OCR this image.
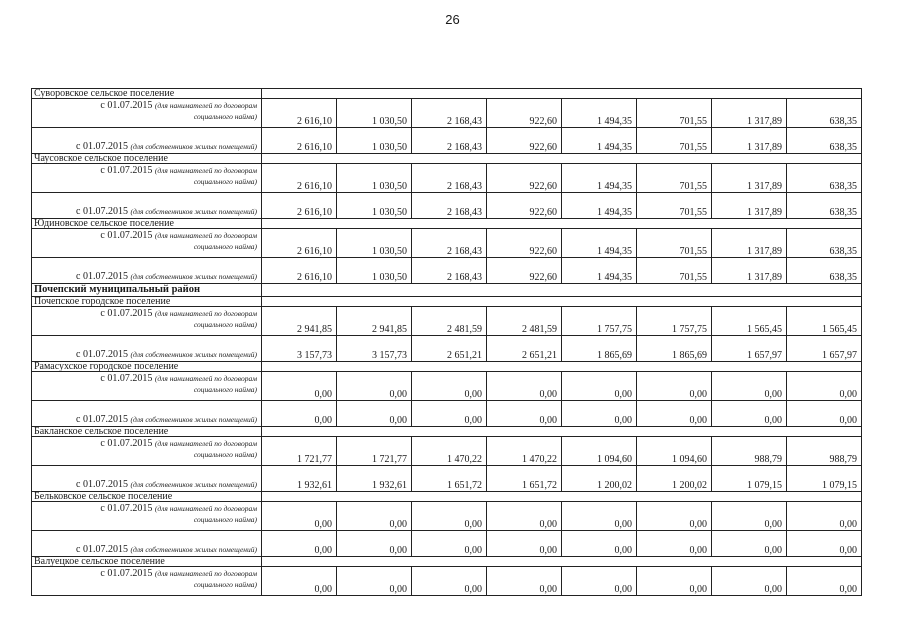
26
Суворовское сельское поселение								

с 01.07.2015 (для нанимателей по договорам
социального найма)	2 616,10	1 030,50	2 168,43	922,60	1 494,35	701,55	1 317,89	638,35
с 01.07.2015 (для собственников жилых помещений)	2 616,10	1 030,50	2 168,43	922,60	1 494,35	701,55	1 317,89	638,35
Чаусовское сельское поселение								

с 01.07.2015 (для нанимателей по договорам
социального найма)	2 616,10	1 030,50	2 168,43	922,60	1 494,35	701,55	1 317,89	638,35
с 01.07.2015 (для собственников жилых помещений)	2 616,10	1 030,50	2 168,43	922,60	1 494,35	701,55	1 317,89	638,35
Юдиновское сельское поселение								

с 01.07.2015 (для нанимателей по договорам
социального найма)	2 616,10	1 030,50	2 168,43	922,60	1 494,35	701,55	1 317,89	638,35
с 01.07.2015 (для собственников жилых помещений)	2 616,10	1 030,50	2 168,43	922,60	1 494,35	701,55	1 317,89	638,35
Почепский муниципальный район								
Почепское городское поселение								

с 01.07.2015 (для нанимателей по договорам
социального найма)	2 941,85	2 941,85	2 481,59	2 481,59	1 757,75	1 757,75	1 565,45	1 565,45
с 01.07.2015 (для собственников жилых помещений)	3 157,73	3 157,73	2 651,21	2 651,21	1 865,69	1 865,69	1 657,97	1 657,97
Рамасухское городское поселение								

с 01.07.2015 (для нанимателей по договорам
социального найма)	0,00	0,00	0,00	0,00	0,00	0,00	0,00	0,00
с 01.07.2015 (для собственников жилых помещений)	0,00	0,00	0,00	0,00	0,00	0,00	0,00	0,00
Бакланское сельское поселение								

с 01.07.2015 (для нанимателей по договорам
социального найма)	1 721,77	1 721,77	1 470,22	1 470,22	1 094,60	1 094,60	988,79	988,79
с 01.07.2015 (для собственников жилых помещений)	1 932,61	1 932,61	1 651,72	1 651,72	1 200,02	1 200,02	1 079,15	1 079,15
Бельковское сельское поселение								

с 01.07.2015 (для нанимателей по договорам
социального найма)	0,00	0,00	0,00	0,00	0,00	0,00	0,00	0,00
с 01.07.2015 (для собственников жилых помещений)	0,00	0,00	0,00	0,00	0,00	0,00	0,00	0,00
Валуецкое сельское поселение								

с 01.07.2015 (для нанимателей по договорам
социального найма)	0,00	0,00	0,00	0,00	0,00	0,00	0,00	0,00
